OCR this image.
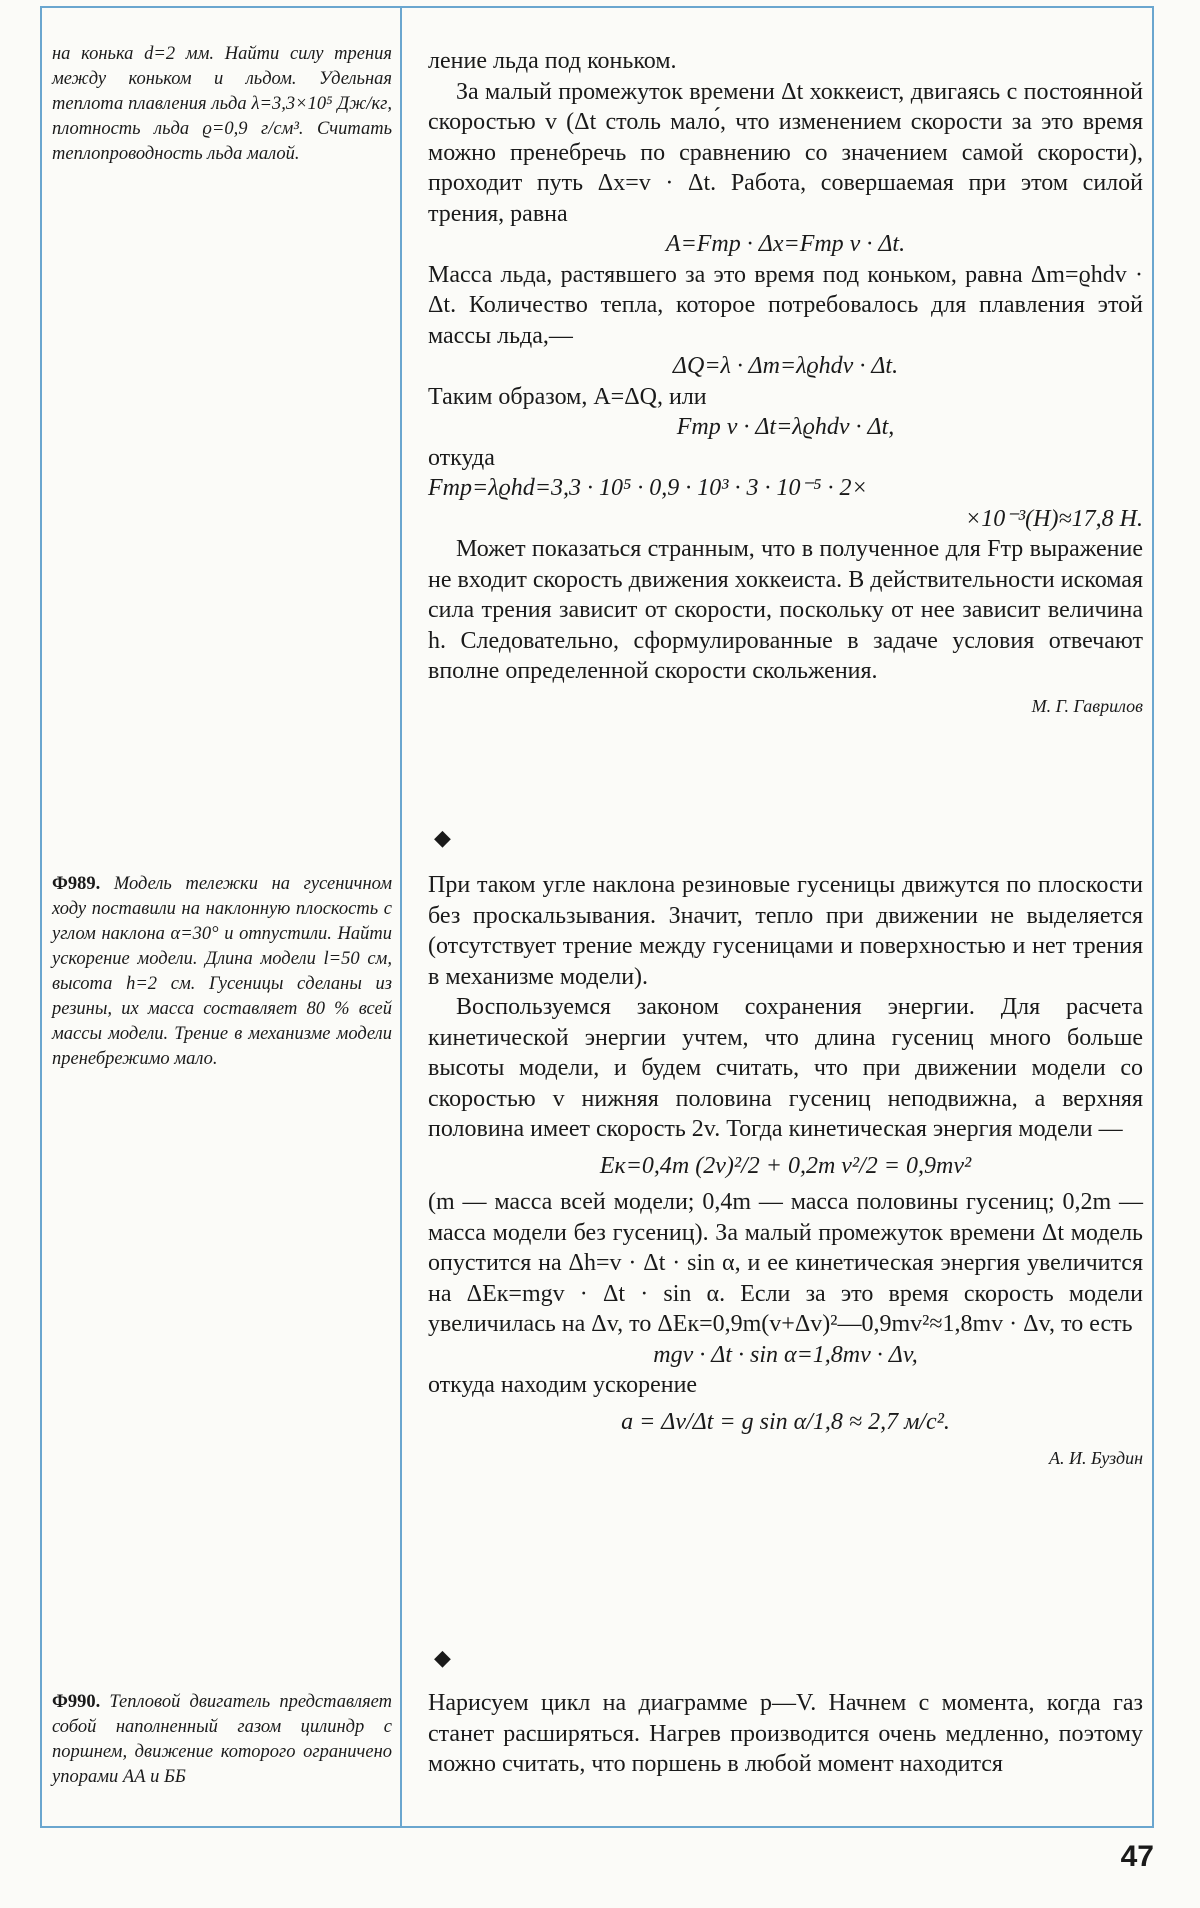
на конька d=2 мм. Найти силу трения между коньком и льдом. Удельная теплота плавления льда λ=3,3×10⁵ Дж/кг, плотность льда ϱ=0,9 г/см³. Считать теплопроводность льда малой.
Ф989. Модель тележки на гусеничном ходу поставили на наклонную плоскость с углом наклона α=30° и отпустили. Найти ускорение модели. Длина модели l=50 см, высота h=2 см. Гусеницы сделаны из резины, их масса составляет 80 % всей массы модели. Трение в механизме модели пренебрежимо мало.
Ф990. Тепловой двигатель представляет собой наполненный газом цилиндр с поршнем, движение которого ограничено упорами АА и ББ

ление льда под коньком.

За малый промежуток времени Δt хоккеист, двигаясь с постоянной скоростью v (Δt столь мало́, что изменением скорости за это время можно пренебречь по сравнению со значением самой скорости), проходит путь Δx=v · Δt. Работа, совершаемая при этом силой трения, равна

A=Fтр · Δx=Fтр v · Δt.

Масса льда, растявшего за это время под коньком, равна Δm=ϱhdv · Δt. Количество тепла, которое потребовалось для плавления этой массы льда,—

ΔQ=λ · Δm=λϱhdv · Δt.

Таким образом, A=ΔQ, или

Fтр v · Δt=λϱhdv · Δt,

откуда

Fтр=λϱhd=3,3 · 10⁵ · 0,9 · 10³ · 3 · 10⁻⁵ · 2×

×10⁻³(Н)≈17,8 Н.

Может показаться странным, что в полученное для Fтр выражение не входит скорость движения хоккеиста. В действительности искомая сила трения зависит от скорости, поскольку от нее зависит величина h. Следовательно, сформулированные в задаче условия отвечают вполне определенной скорости скольжения.

М. Г. Гаврилов

◆

При таком угле наклона резиновые гусеницы движутся по плоскости без проскальзывания. Значит, тепло при движении не выделяется (отсутствует трение между гусеницами и поверхностью и нет трения в механизме модели).

Воспользуемся законом сохранения энергии. Для расчета кинетической энергии учтем, что длина гусениц много больше высоты модели, и будем считать, что при движении модели со скоростью v нижняя половина гусениц неподвижна, а верхняя половина имеет скорость 2v. Тогда кинетическая энергия модели —

Eк=0,4m (2v)²/2 + 0,2m v²/2 = 0,9mv²

(m — масса всей модели; 0,4m — масса половины гусениц; 0,2m — масса модели без гусениц). За малый промежуток времени Δt модель опустится на Δh=v · Δt · sin α, и ее кинетическая энергия увеличится на ΔEк=mgv · Δt · sin α. Если за это время скорость модели увеличилась на Δv, то ΔEк=0,9m(v+Δv)²—0,9mv²≈1,8mv · Δv, то есть

mgv · Δt · sin α=1,8mv · Δv,

откуда находим ускорение

a = Δv/Δt = g sin α/1,8 ≈ 2,7 м/с².

А. И. Буздин

◆

Нарисуем цикл на диаграмме p—V. Начнем с момента, когда газ станет расширяться. Нагрев производится очень медленно, поэтому можно считать, что поршень в любой момент находится

47
